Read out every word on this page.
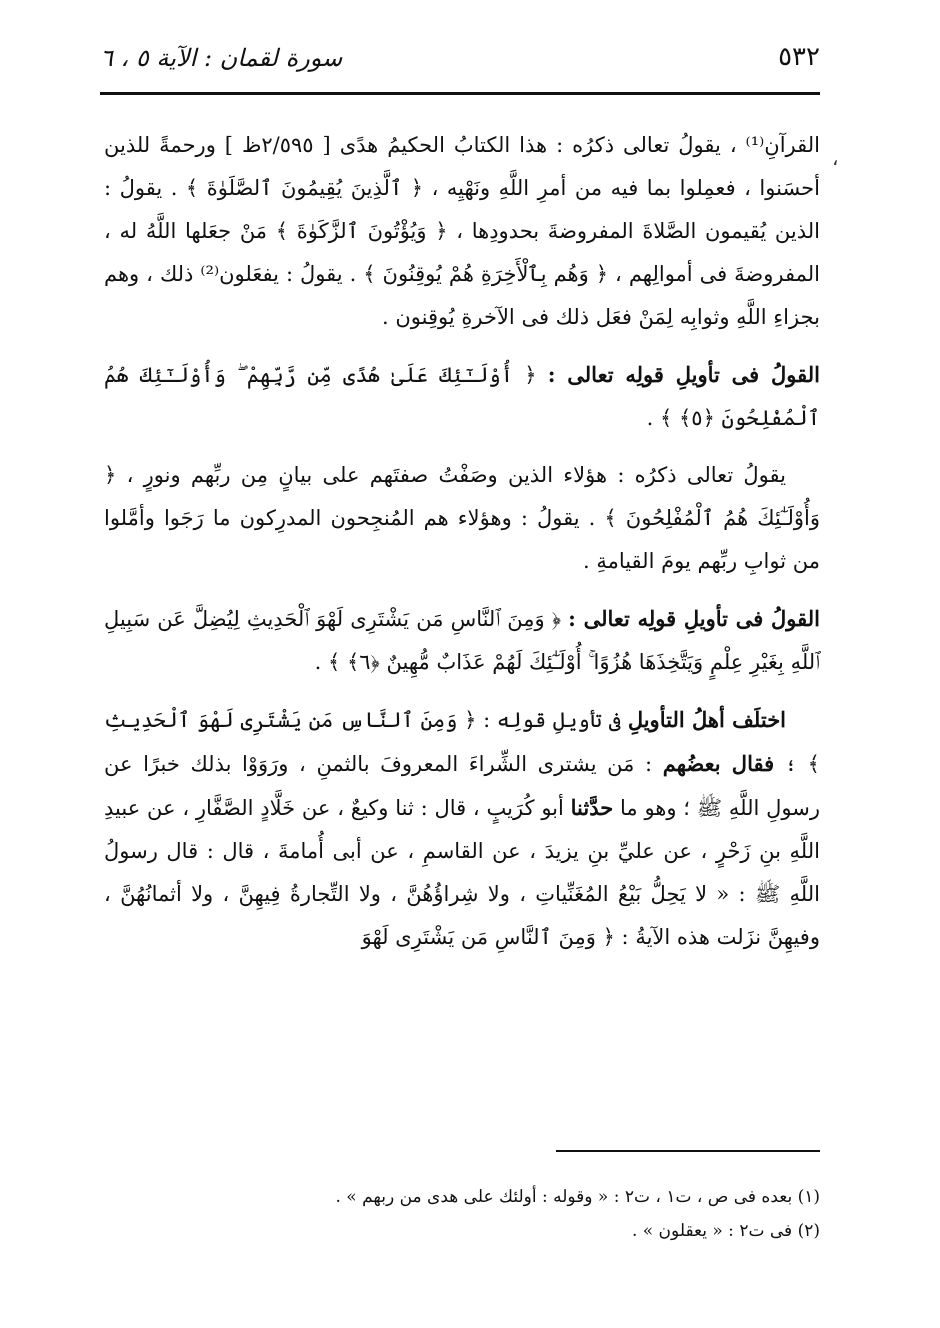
٥٣٢
سورة لقمان : الآية ٥ ، ٦
،

القرآنِ⁽¹⁾ ، يقولُ تعالى ذكرُه : هذا الكتابُ الحكيمُ هدًى [ ٢/٥٩٥ظ ] ورحمةً للذين أحسَنوا ، فعمِلوا بما فيه من أمرِ اللَّهِ ونَهْيِه ، ﴿ ٱلَّذِينَ يُقِيمُونَ ٱلصَّلَوٰةَ ﴾ . يقولُ : الذين يُقيمون الصَّلاةَ المفروضةَ بحدودِها ، ﴿ وَيُؤْتُونَ ٱلزَّكَوٰةَ ﴾ مَنْ جعَلها اللَّهُ له ، المفروضةَ فى أموالِهم ، ﴿ وَهُم بِٱلْأَخِرَةِ هُمْ يُوقِنُونَ ﴾ . يقولُ : يفعَلون⁽²⁾ ذلك ، وهم بجزاءِ اللَّهِ وثوابِه لِمَنْ فعَل ذلك فى الآخرةِ يُوقِنون .

القولُ فى تأويلِ قولِه تعالى : ﴿ أُوْلَـٰٓئِكَ عَلَىٰ هُدًى مِّن رَّبِّهِمْ ۖ وَأُوْلَـٰٓئِكَ هُمُ ٱلْمُفْلِحُونَ ﴿٥﴾ ﴾ .

يقولُ تعالى ذكرُه : هؤلاء الذين وصَفْتُ صفتَهم على بيانٍ مِن ربِّهم ونورٍ ، ﴿ وَأُوْلَـٰٓئِكَ هُمُ ٱلْمُفْلِحُونَ ﴾ . يقولُ : وهؤلاء هم المُنجِحون المدرِكون ما رَجَوا وأمَّلوا من ثوابِ ربِّهم يومَ القيامةِ .

القولُ فى تأويلِ قولِه تعالى : ﴿ وَمِنَ ٱلنَّاسِ مَن يَشْتَرِى لَهْوَ ٱلْحَدِيثِ لِيُضِلَّ عَن سَبِيلِ ٱللَّهِ بِغَيْرِ عِلْمٍ وَيَتَّخِذَهَا هُزُوًا ۚ أُوْلَـٰٓئِكَ لَهُمْ عَذَابٌ مُّهِينٌ ﴿٦﴾ ﴾ .

اختلَف أهلُ التأويلِ فى تأويلِ قولِه : ﴿ وَمِنَ ٱلنَّاسِ مَن يَشْتَرِى لَهْوَ ٱلْحَدِيثِ ﴾ ؛ فقال بعضُهم : مَن يشترى الشِّراءَ المعروفَ بالثمنِ ، ورَوَوْا بذلك خبرًا عن رسولِ اللَّهِ ﷺ ؛ وهو ما حدَّثنا أبو كُرَيبٍ ، قال : ثنا وكيعٌ ، عن خَلَّادٍ الصَّفَّارِ ، عن عبيدِ اللَّهِ بنِ زَحْرٍ ، عن عليِّ بنِ يزيدَ ، عن القاسمِ ، عن أبى أُمامةَ ، قال : قال رسولُ اللَّهِ ﷺ : « لا يَحِلُّ بَيْعُ المُغَنِّياتِ ، ولا شِراؤُهُنَّ ، ولا التِّجارةُ فِيهِنَّ ، ولا أثمانُهُنَّ ، وفيهِنَّ نزَلت هذه الآيةُ : ﴿ وَمِنَ ٱلنَّاسِ مَن يَشْتَرِى لَهْوَ

(١) بعده فى ص ، ت١ ، ت٢ : « وقوله : أولئك على هدى من ربهم » .

(٢) فى ت٢ : « يعقلون » .
